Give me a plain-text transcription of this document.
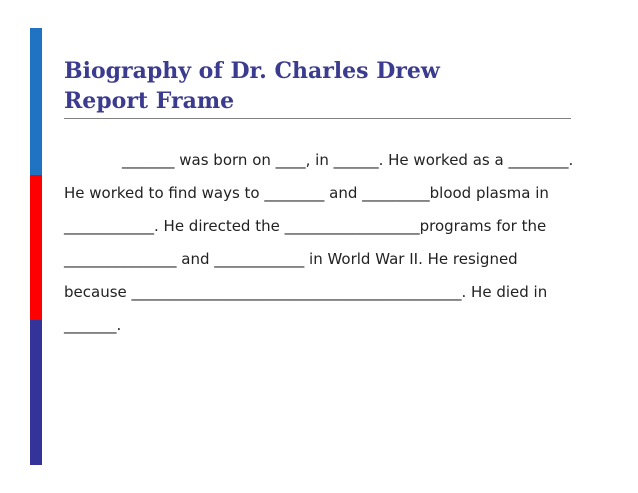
Biography of Dr. Charles Drew
Report Frame

_______ was born on ____, in ______. He worked as a ________. He worked to find ways to ________ and _________blood plasma in ____________. He directed the __________________programs for the _______________ and ____________ in World War II. He resigned because ____________________________________________. He died in _______.
